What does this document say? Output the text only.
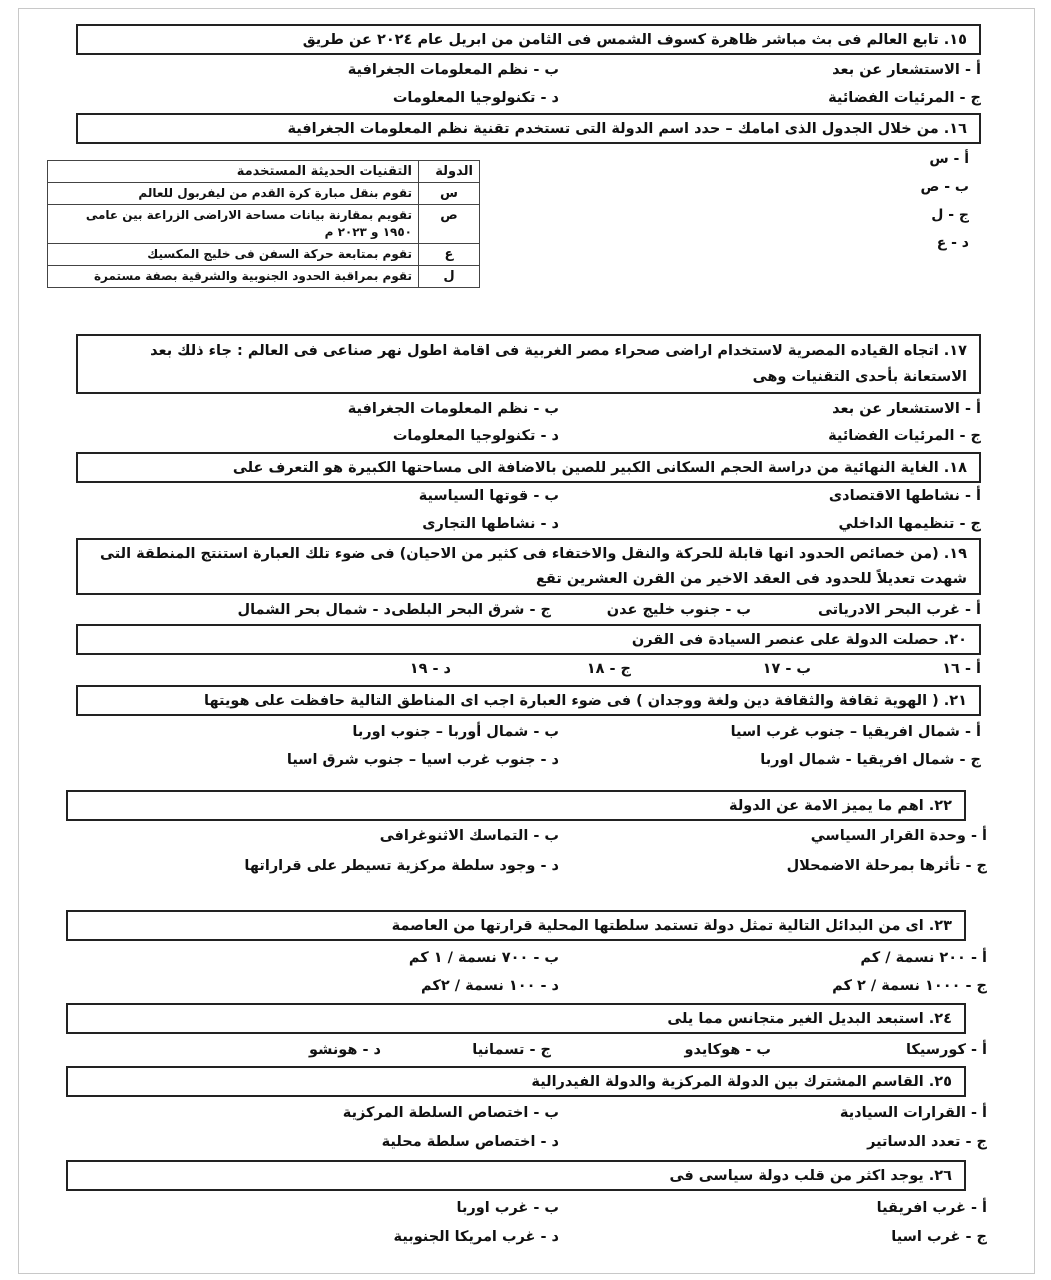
١٥. تابع العالم فى بث مباشر ظاهرة كسوف الشمس فى الثامن من ابريل عام ٢٠٢٤ عن طريق
أ - الاستشعار عن بعد
ب - نظم المعلومات الجغرافية
ج - المرئيات الفضائية
د - تكنولوجيا المعلومات
١٦. من خلال الجدول الذى امامك – حدد اسم الدولة التى تستخدم تقنية نظم المعلومات الجغرافية
أ - س
ب - ص
ج - ل
د - ع
الدولة	التقنيات الحديثة المستخدمة
س	تقوم بنقل مبارة كرة القدم من ليفربول للعالم
ص	تقويم بمقارنة بيانات مساحة الاراضى الزراعة بين عامى ١٩٥٠ و ٢٠٢٣ م
ع	تقوم بمتابعة حركة السفن فى خليج المكسيك
ل	تقوم بمراقبة الحدود الجنوبية والشرقية بصفة مستمرة
١٧. اتجاه القياده المصرية لاستخدام اراضى صحراء مصر الغربية فى اقامة اطول نهر صناعى فى العالم : جاء ذلك بعد الاستعانة بأحدى التقنيات وهى
أ - الاستشعار عن بعد
ب - نظم المعلومات الجغرافية
ج - المرئيات الفضائية
د - تكنولوجيا المعلومات
١٨. الغاية النهائية من دراسة الحجم السكانى الكبير للصين بالاضافة الى مساحتها الكبيرة هو التعرف على
أ - نشاطها الاقتصادى
ب - قوتها السياسية
ج - تنظيمها الداخلي
د - نشاطها التجارى
١٩. (من خصائص الحدود انها قابلة للحركة والنقل والاختفاء فى كثير من الاحيان) فى ضوء تلك العبارة استنتج المنطقة التى شهدت تعديلاً للحدود فى العقد الاخير من القرن العشرين تقع
أ - غرب البحر الادرياتى
ب - جنوب خليج عدن
ج - شرق البحر البلطى
د - شمال بحر الشمال
٢٠. حصلت الدولة على عنصر السيادة فى القرن
أ - ١٦
ب - ١٧
ج - ١٨
د - ١٩
٢١. ( الهوية ثقافة والثقافة دين ولغة ووجدان ) فى ضوء العبارة اجب اى المناطق التالية حافظت على هويتها
أ - شمال افريقيا – جنوب غرب اسيا
ب - شمال أوربا – جنوب اوربا
ج - شمال افريقيا - شمال اوربا
د - جنوب غرب اسيا – جنوب شرق اسيا
٢٢. اهم ما يميز الامة عن الدولة
أ - وحدة القرار السياسي
ب - التماسك الاثنوغرافى
ج - تأثرها بمرحلة الاضمحلال
د - وجود سلطة مركزية تسيطر على قراراتها
٢٣. اى من البدائل التالية تمثل دولة تستمد سلطتها المحلية قرارتها من العاصمة
أ - ٢٠٠ نسمة / كم
ب - ٧٠٠ نسمة / ١ كم
ج - ١٠٠٠ نسمة / ٢ كم
د - ١٠٠ نسمة / ٢كم
٢٤. استبعد البديل الغير متجانس مما يلى
أ - كورسيكا
ب - هوكايدو
ج - تسمانيا
د - هونشو
٢٥. القاسم المشترك بين الدولة المركزية والدولة الفيدرالية
أ - القرارات السيادية
ب - اختصاص السلطة المركزية
ج - تعدد الدساتير
د - اختصاص سلطة محلية
٢٦. يوجد اكثر من قلب دولة سياسى فى
أ - غرب افريقيا
ب - غرب اوربا
ج - غرب اسيا
د - غرب امريكا الجنوبية
